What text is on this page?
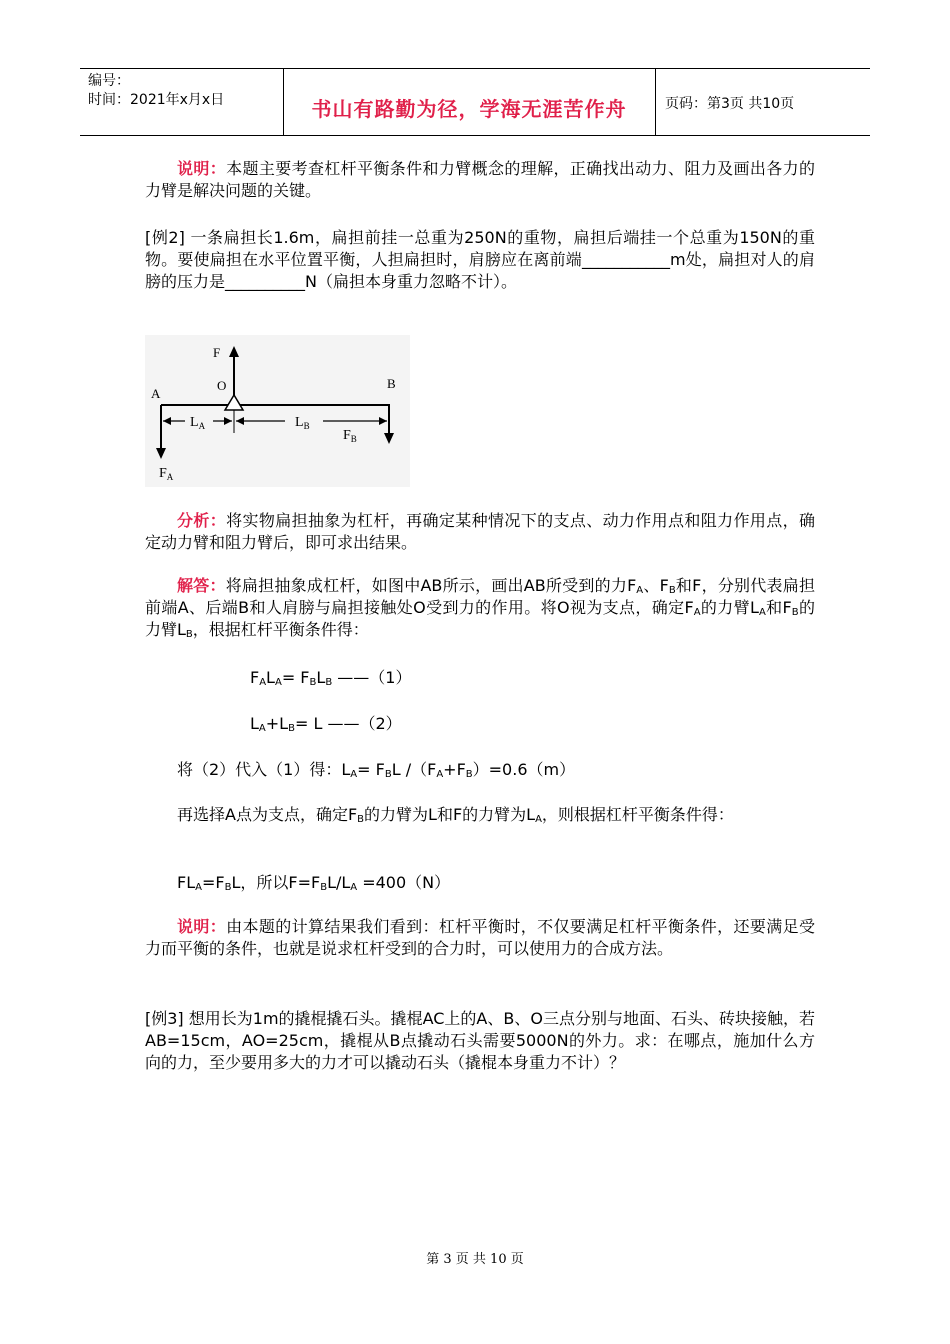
编号：
时间：2021年x月x日	书山有路勤为径，学海无涯苦作舟	页码：第3页 共10页

说明：本题主要考查杠杆平衡条件和力臂概念的理解，正确找出动力、阻力及画出各力的力臂是解决问题的关键。

[例2] 一条扁担长1.6m，扁担前挂一总重为250N的重物，扁担后端挂一个总重为150N的重物。要使扁担在水平位置平衡，人担扁担时，肩膀应在离前端___________m处，扁担对人的肩膀的压力是__________N（扁担本身重力忽略不计）。

F
O
A
B
$F_A$
$F_B$
$L_A$	$L_B$

分析：将实物扁担抽象为杠杆，再确定某种情况下的支点、动力作用点和阻力作用点，确定动力臂和阻力臂后，即可求出结果。

解答：将扁担抽象成杠杆，如图中AB所示，画出AB所受到的力$F_A$、$F_B$和F，分别代表扁担前端A、后端B和人肩膀与扁担接触处O受到力的作用。将O视为支点，确定$F_A$的力臂$L_A$和$F_B$的力臂$L_B$，根据杠杆平衡条件得：

$F_AL_A= F_BL_B$ ——（1）
$L_A+L_B= L$ ——（2）
将（2）代入（1）得：$L_A= F_BL$ $/(F_A+F_B)=0.6(m)$

再选择A点为支点，确定$F_B$的力臂为L和F的力臂为$L_A$，则根据杠杆平衡条件得：

$FL_A=F_BL$，所以$F=F_BL/L_A =400(N)$

说明：由本题的计算结果我们看到：杠杆平衡时，不仅要满足杠杆平衡条件，还要满足受力而平衡的条件，也就是说求杠杆受到的合力时，可以使用力的合成方法。

[例3] 想用长为1m的撬棍撬石头。撬棍AC上的A、B、O三点分别与地面、石头、砖块接触，若AB=15cm，AO=25cm，撬棍从B点撬动石头需要5000N的外力。求：在哪点，施加什么方向的力，至少要用多大的力才可以撬动石头（撬棍本身重力不计）？

第 3 页 共 10 页
